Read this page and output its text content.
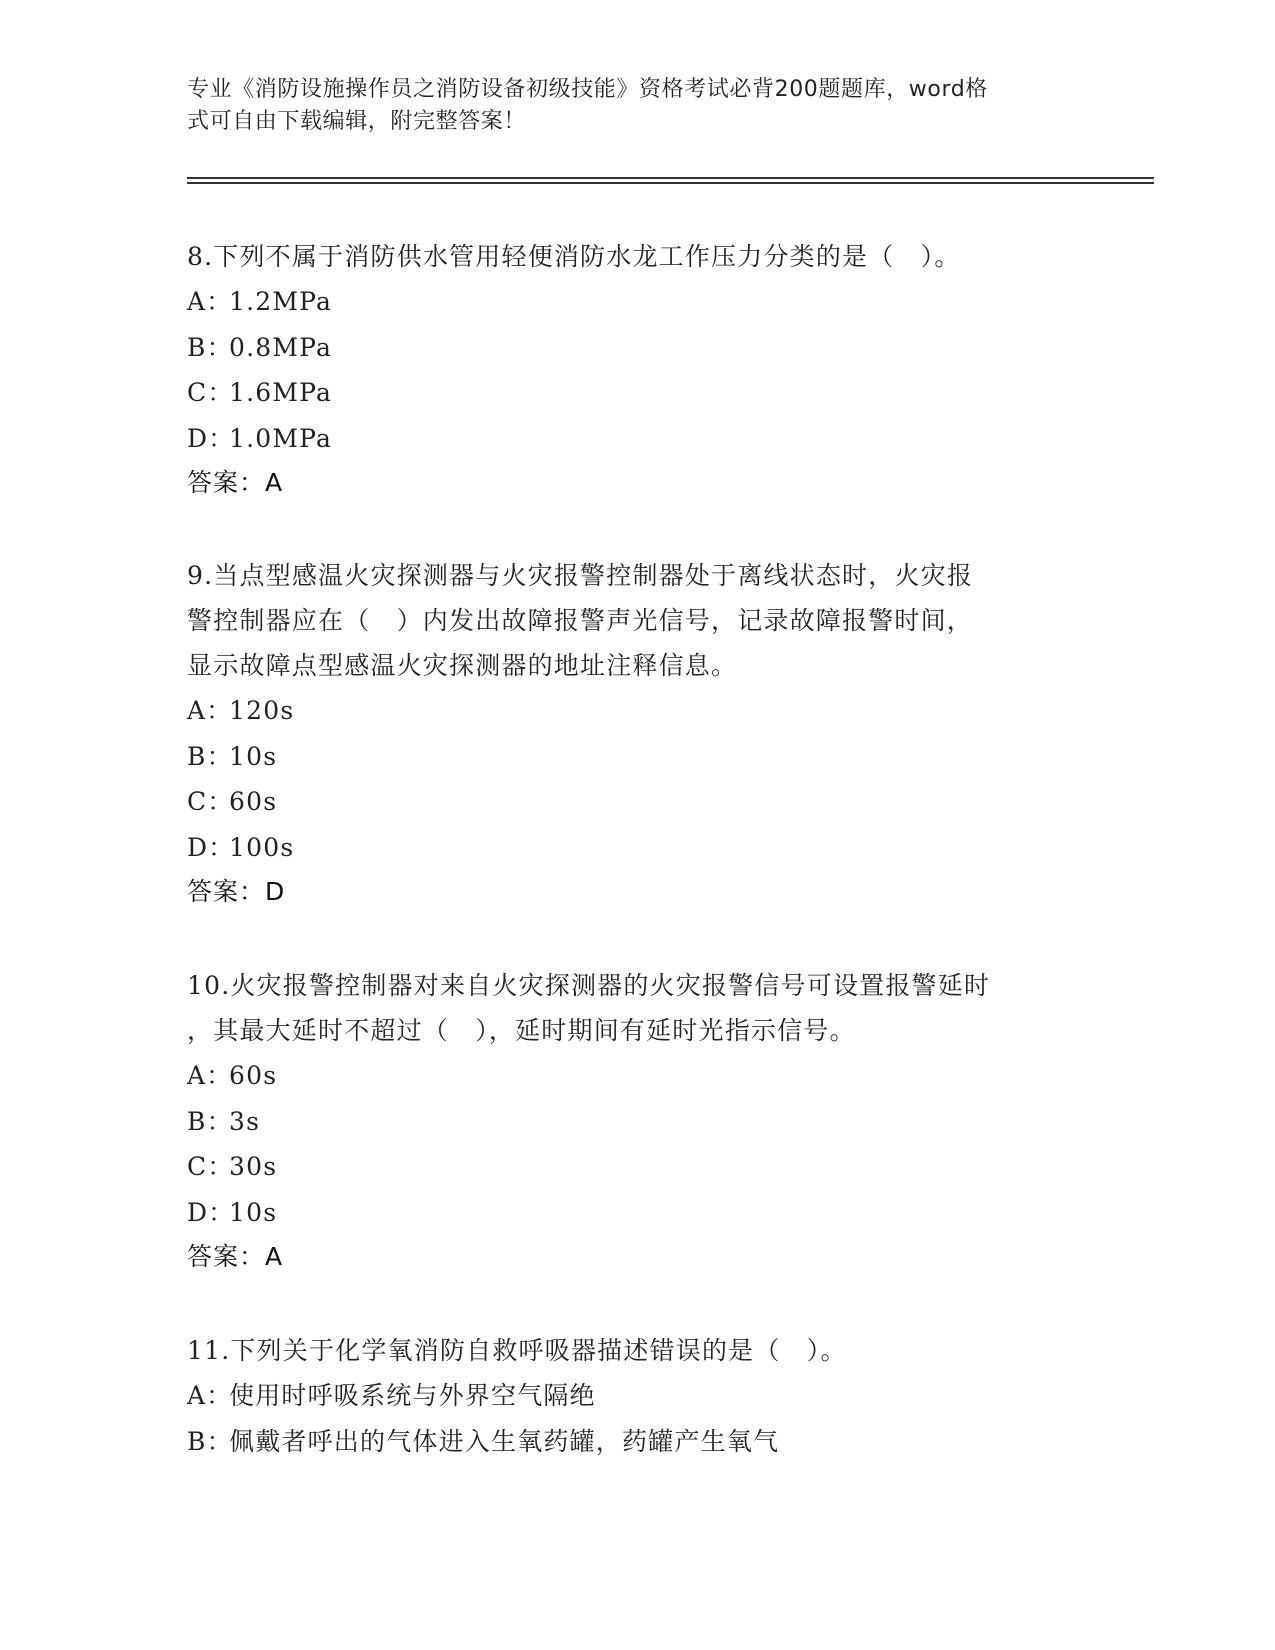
专业《消防设施操作员之消防设备初级技能》资格考试必背200题题库，word格
式可自由下载编辑，附完整答案！

8.下列不属于消防供水管用轻便消防水龙工作压力分类的是（　）。

A：1.2MPa

B：0.8MPa

C：1.6MPa

D：1.0MPa

答案：A

9.当点型感温火灾探测器与火灾报警控制器处于离线状态时，火灾报

警控制器应在（　）内发出故障报警声光信号，记录故障报警时间，

显示故障点型感温火灾探测器的地址注释信息。

A：120s

B：10s

C：60s

D：100s

答案：D

10.火灾报警控制器对来自火灾探测器的火灾报警信号可设置报警延时

，其最大延时不超过（　），延时期间有延时光指示信号。

A：60s

B：3s

C：30s

D：10s

答案：A

11.下列关于化学氧消防自救呼吸器描述错误的是（　）。

A：使用时呼吸系统与外界空气隔绝

B：佩戴者呼出的气体进入生氧药罐，药罐产生氧气
